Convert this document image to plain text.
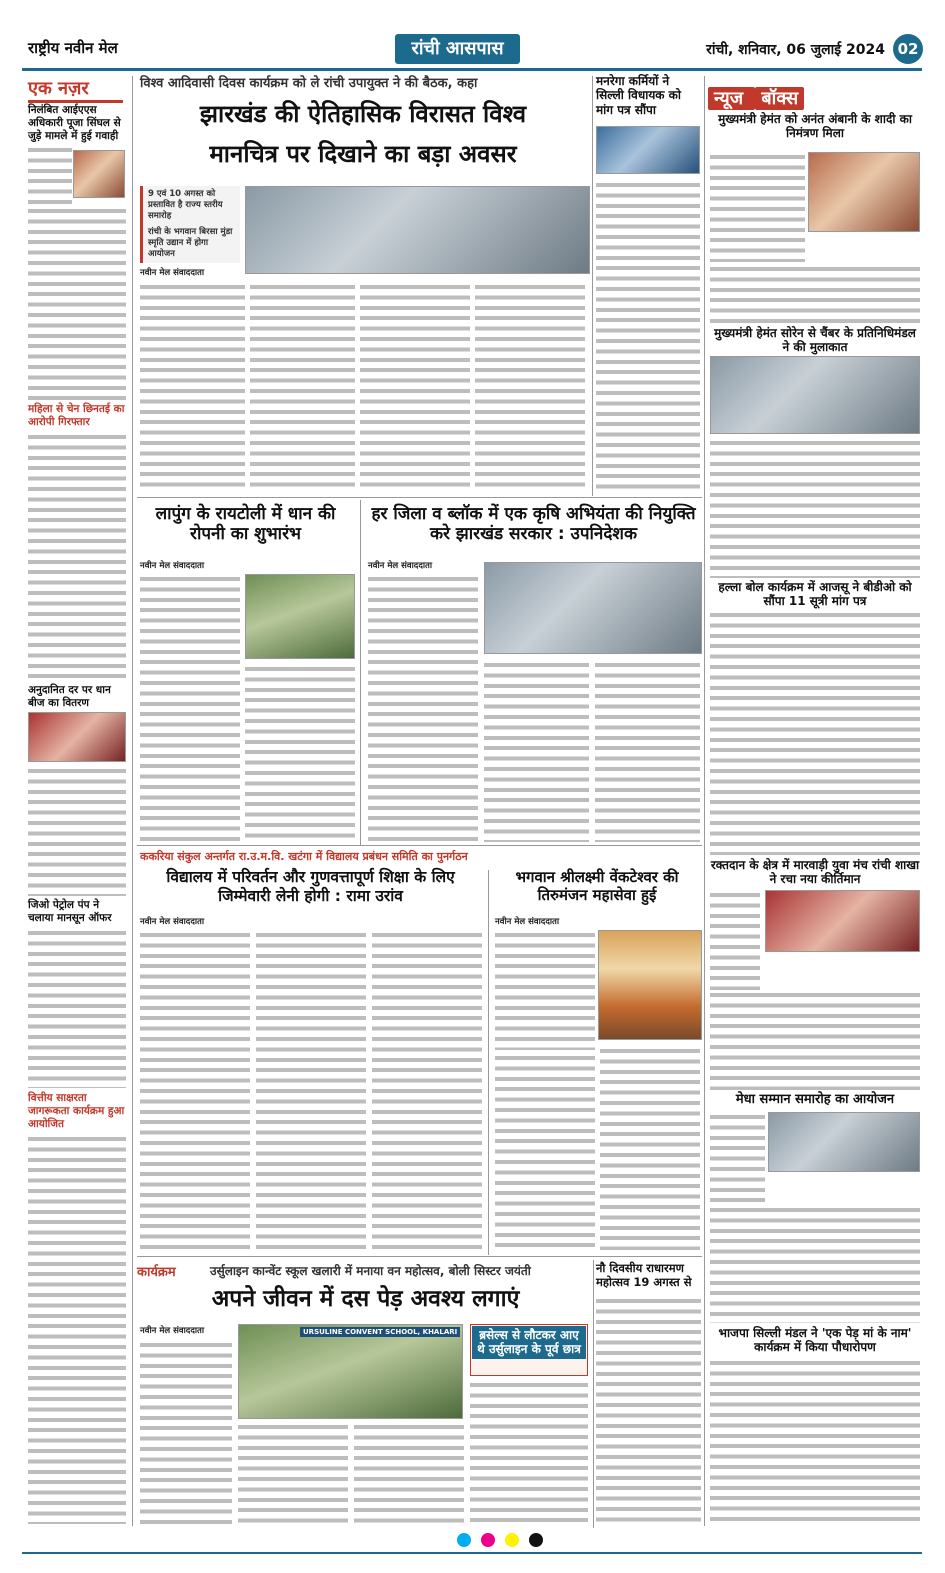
राष्ट्रीय नवीन मेल	रांची आसपास	रांची, शनिवार, 06 जुलाई 2024 02
एक नज़र
निलंबित आईएएस अधिकारी पूजा सिंघल से जुड़े मामले में हुई गवाही
महिला से चेन छिनतई का आरोपी गिरफ्तार
अनुदानित दर पर धान बीज का वितरण
जिओ पेट्रोल पंप ने चलाया मानसून ऑफर
वित्तीय साक्षरता जागरूकता कार्यक्रम हुआ आयोजित
विश्व आदिवासी दिवस कार्यक्रम को ले रांची उपायुक्त ने की बैठक, कहा
झारखंड की ऐतिहासिक विरासत विश्व
मानचित्र पर दिखाने का बड़ा अवसर
9 एवं 10 अगस्त को प्रस्तावित है राज्य स्तरीय समारोह
रांची के भगवान बिरसा मुंडा स्मृति उद्यान में होगा आयोजन
नवीन मेल संवाददाता
मनरेगा कर्मियों ने सिल्ली विधायक को मांग पत्र सौंपा
न्यूज बॉक्स
मुख्यमंत्री हेमंत को अनंत अंबानी के शादी का निमंत्रण मिला
मुख्यमंत्री हेमंत सोरेन से चैंबर के प्रतिनिधिमंडल ने की मुलाकात
हल्ला बोल कार्यक्रम में आजसू ने बीडीओ को सौंपा 11 सूत्री मांग पत्र
रक्तदान के क्षेत्र में मारवाड़ी युवा मंच रांची शाखा ने रचा नया कीर्तिमान
मेधा सम्मान समारोह का आयोजन
भाजपा सिल्ली मंडल ने 'एक पेड़ मां के नाम' कार्यक्रम में किया पौधारोपण
लापुंग के रायटोली में धान की रोपनी का शुभारंभ
नवीन मेल संवाददाता
हर जिला व ब्लॉक में एक कृषि अभियंता की नियुक्ति करे झारखंड सरकार : उपनिदेशक
नवीन मेल संवाददाता
ककरिया संकुल अन्तर्गत रा.उ.म.वि. खटंगा में विद्यालय प्रबंधन समिति का पुनर्गठन
विद्यालय में परिवर्तन और गुणवत्तापूर्ण शिक्षा के लिए जिम्मेवारी लेनी होगी : रामा उरांव
नवीन मेल संवाददाता
भगवान श्रीलक्ष्मी वेंकटेश्वर की तिरुमंजन महासेवा हुई
नवीन मेल संवाददाता
कार्यक्रम	उर्सुलाइन कान्वेंट स्कूल खलारी में मनाया वन महोत्सव, बोली सिस्टर जयंती
अपने जीवन में दस पेड़ अवश्य लगाएं
नवीन मेल संवाददाता	URSULINE CONVENT SCHOOL, KHALARI	ब्रसेल्स से लौटकर आए थे उर्सुलाइन के पूर्व छात्र
नौ दिवसीय राधारमण महोत्सव 19 अगस्त से
